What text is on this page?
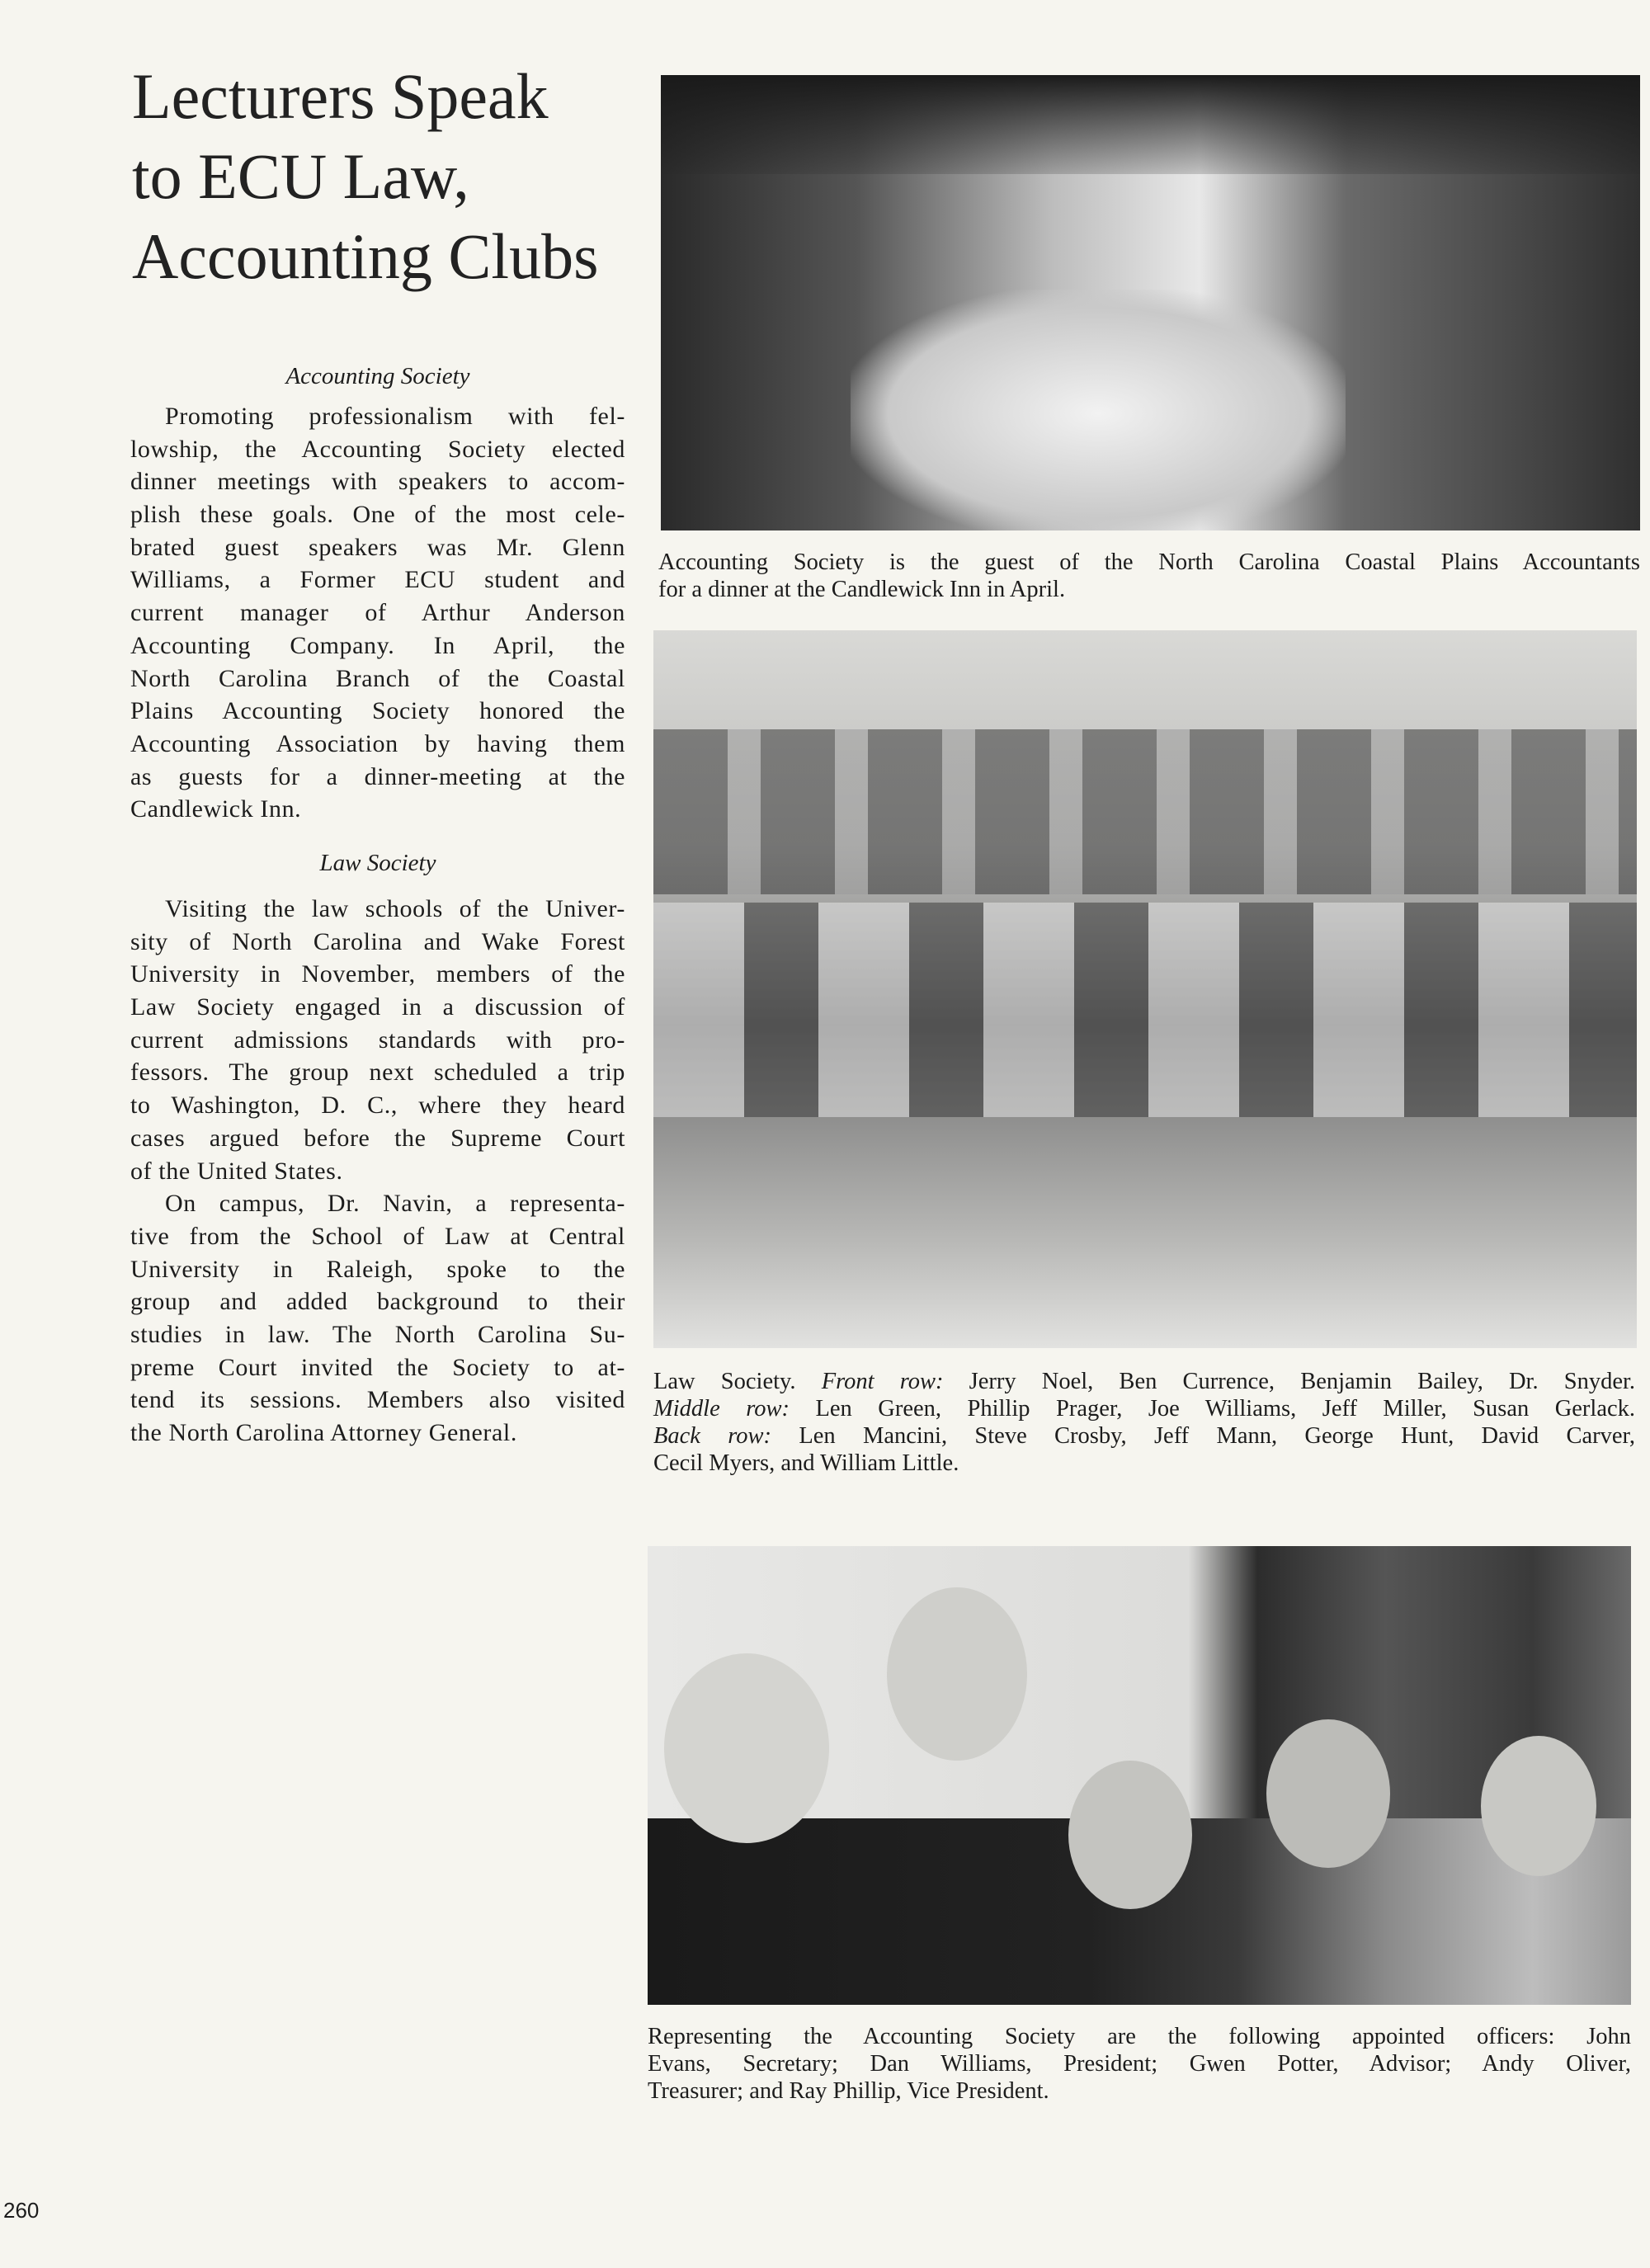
Lecturers Speak
to ECU Law,
Accounting Clubs
Accounting Society
Promoting professionalism with fel-
lowship, the Accounting Society elected
dinner meetings with speakers to accom-
plish these goals. One of the most cele-
brated guest speakers was Mr. Glenn
Williams, a Former ECU student and
current manager of Arthur Anderson
Accounting Company. In April, the
North Carolina Branch of the Coastal
Plains Accounting Society honored the
Accounting Association by having them
as guests for a dinner-meeting at the
Candlewick Inn.
Law Society
Visiting the law schools of the Univer-
sity of North Carolina and Wake Forest
University in November, members of the
Law Society engaged in a discussion of
current admissions standards with pro-
fessors. The group next scheduled a trip
to Washington, D. C., where they heard
cases argued before the Supreme Court
of the United States.
On campus, Dr. Navin, a representa-
tive from the School of Law at Central
University in Raleigh, spoke to the
group and added background to their
studies in law. The North Carolina Su-
preme Court invited the Society to at-
tend its sessions. Members also visited
the North Carolina Attorney General.
Accounting Society is the guest of the North Carolina Coastal Plains Accountants
for a dinner at the Candlewick Inn in April.
Law Society. Front row: Jerry Noel, Ben Currence, Benjamin Bailey, Dr. Snyder.
Middle row: Len Green, Phillip Prager, Joe Williams, Jeff Miller, Susan Gerlack.
Back row: Len Mancini, Steve Crosby, Jeff Mann, George Hunt, David Carver,
Cecil Myers, and William Little.
Representing the Accounting Society are the following appointed officers: John
Evans, Secretary; Dan Williams, President; Gwen Potter, Advisor; Andy Oliver,
Treasurer; and Ray Phillip, Vice President.
260
